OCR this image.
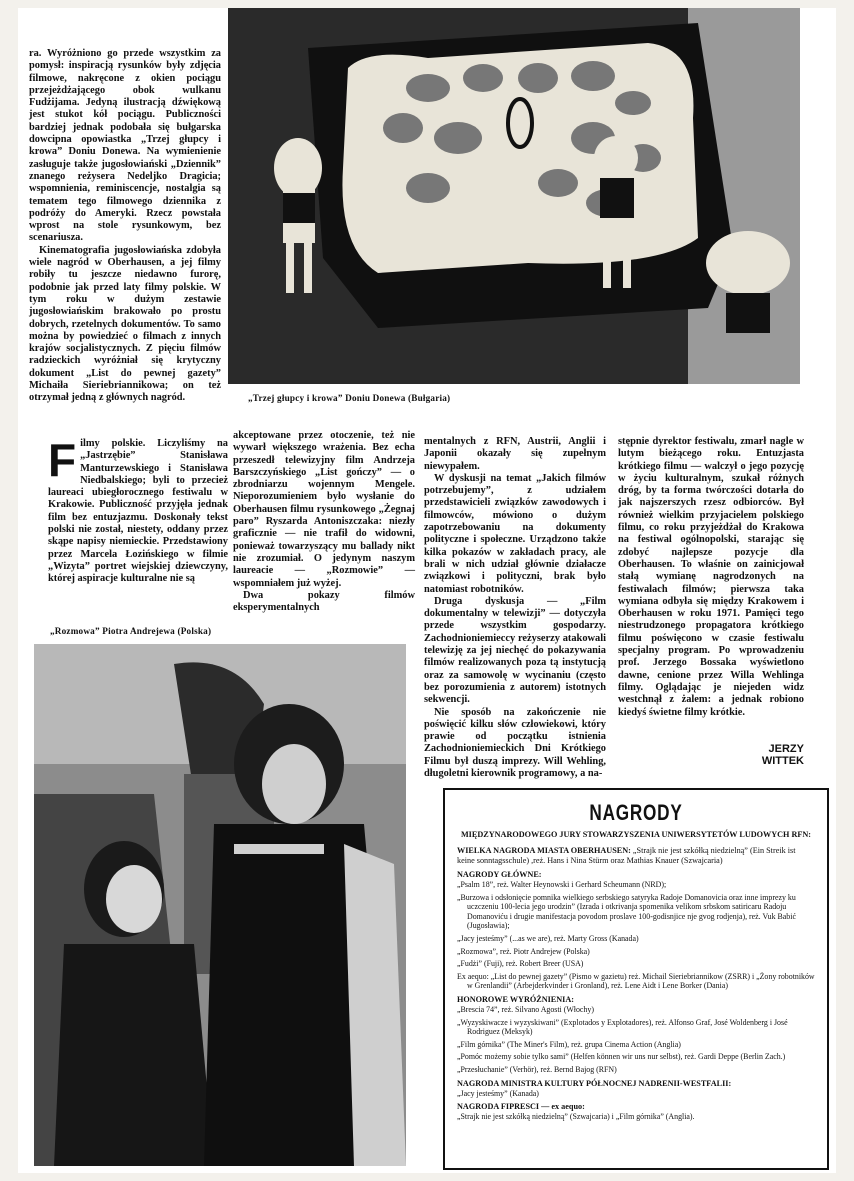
ra. Wyróżniono go przede wszystkim za pomysł: inspiracją rysunków były zdjęcia filmowe, nakręcone z okien pociągu przejeżdżającego obok wulkanu Fudżijama. Jedyną ilustracją dźwiękową jest stukot kół pociągu. Publiczności bardziej jednak podobała się bułgarska dowcipna opowiastka „Trzej głupcy i krowa” Doniu Donewa. Na wymienienie zasługuje także jugosłowiański „Dziennik” znanego reżysera Nedeljko Dragicia; wspomnienia, reminiscencje, nostalgia są tematem tego filmowego dziennika z podróży do Ameryki. Rzecz powstała wprost na stole rysunkowym, bez scenariusza.

Kinematografia jugosłowiańska zdobyła wiele nagród w Oberhausen, a jej filmy robiły tu jeszcze niedawno furorę, podobnie jak przed laty filmy polskie. W tym roku w dużym zestawie jugosłowiańskim brakowało po prostu dobrych, rzetelnych dokumentów. To samo można by powiedzieć o filmach z innych krajów socjalistycznych. Z pięciu filmów radzieckich wyróżniał się krytyczny dokument „List do pewnej gazety” Michaiła Sieriebriannikowa; on też otrzymał jedną z głównych nagród.	„Trzej głupcy i krowa” Doniu Donewa (Bułgaria)

Filmy polskie. Liczyliśmy na „Jastrzębie” Stanisława Manturzewskiego i Stanisława Niedbalskiego; byli to przecież laureaci ubiegłorocznego festiwalu w Krakowie. Publiczność przyjęła jednak film bez entuzjazmu. Doskonały tekst polski nie został, niestety, oddany przez skąpe napisy niemieckie. Przedstawiony przez Marcela Łozińskiego w filmie „Wizyta” portret wiejskiej dziewczyny, której aspiracje kulturalne nie są

akceptowane przez otoczenie, też nie wywarł większego wrażenia. Bez echa przeszedł telewizyjny film Andrzeja Barszczyńskiego „List gończy” — o zbrodniarzu wojennym Mengele. Nieporozumieniem było wysłanie do Oberhausen filmu rysunkowego „Żegnaj paro” Ryszarda Antoniszczaka: niezły graficznie — nie trafił do widowni, ponieważ towarzyszący mu ballady nikt nie zrozumiał. O jedynym naszym laureacie — „Rozmowie” — wspomniałem już wyżej.

Dwa pokazy filmów eksperymentalnych

mentalnych z RFN, Austrii, Anglii i Japonii okazały się zupełnym niewypałem.

W dyskusji na temat „Jakich filmów potrzebujemy”, z udziałem przedstawicieli związków zawodowych i filmowców, mówiono o dużym zapotrzebowaniu na dokumenty polityczne i społeczne. Urządzono także kilka pokazów w zakładach pracy, ale brali w nich udział głównie działacze związkowi i polityczni, brak było natomiast robotników.

Druga dyskusja — „Film dokumentalny w telewizji” — dotyczyła przede wszystkim gospodarzy. Zachodnioniemieccy reżyserzy atakowali telewizję za jej niechęć do pokazywania filmów realizowanych poza tą instytucją oraz za samowolę w wycinaniu (często bez porozumienia z autorem) istotnych sekwencji.

Nie sposób na zakończenie nie poświęcić kilku słów człowiekowi, który prawie od początku istnienia Zachodnioniemieckich Dni Krótkiego Filmu był duszą imprezy. Will Wehling, długoletni kierownik programowy, a na-

stępnie dyrektor festiwalu, zmarł nagle w lutym bieżącego roku. Entuzjasta krótkiego filmu — walczył o jego pozycję w życiu kulturalnym, szukał różnych dróg, by ta forma twórczości dotarła do jak najszerszych rzesz odbiorców. Był również wielkim przyjacielem polskiego filmu, co roku przyjeżdżał do Krakowa na festiwal ogólnopolski, starając się zdobyć najlepsze pozycje dla Oberhausen. To właśnie on zainicjował stałą wymianę nagrodzonych na festiwalach filmów; pierwsza taka wymiana odbyła się między Krakowem i Oberhausen w roku 1971. Pamięci tego niestrudzonego propagatora krótkiego filmu poświęcono w czasie festiwalu specjalny program. Po wprowadzeniu prof. Jerzego Bossaka wyświetlono dawne, cenione przez Willa Wehlinga filmy. Oglądając je niejeden widz westchnął z żalem: a jednak robiono kiedyś świetne filmy krótkie.

JERZY
WITTEK
„Rozmowa” Piotra Andrejewa (Polska)
NAGRODY
MIĘDZYNARODOWEGO JURY STOWARZYSZENIA UNIWERSYTETÓW LUDOWYCH RFN:
WIELKA NAGRODA MIASTA OBERHAUSEN: „Strajk nie jest szkółką niedzielną” (Ein Streik ist keine sonntagsschule) ,reż. Hans i Nina Stürm oraz Mathias Knauer (Szwajcaria)
NAGRODY GŁÓWNE:
„Psalm 18”, reż. Walter Heynowski i Gerhard Scheumann (NRD);
„Burzowa i odsłonięcie pomnika wielkiego serbskiego satyryka Radoje Domanovicia oraz inne imprezy ku uczczeniu 100-lecia jego urodzin” (Izrada i otkrivanja spomenika velikom srbskom satiricaru Radoju Domanoviću i drugie manifestacja povodom proslave 100-godisnjice nje gvog rodjenja), reż. Vuk Babić (Jugosławia);
„Jacy jesteśmy” (...as we are), reż. Marty Gross (Kanada)
„Rozmowa”, reż. Piotr Andrejew (Polska)
„Fudżi” (Fuji), reż. Robert Breer (USA)
Ex aequo: „List do pewnej gazety” (Pismo w gazietu) reż. Michail Sieriebriannikow (ZSRR) i „Żony robotników w Grenlandii” (Arbejderkvinder i Gronland), reż. Lene Aidt i Lene Borker (Dania)
HONOROWE WYRÓŻNIENIA:
„Brescia 74”, reż. Silvano Agosti (Włochy)
„Wyzyskiwacze i wyzyskiwani” (Explotados y Explotadores), reż. Alfonso Graf, José Woldenberg i José Rodriguez (Meksyk)
„Film górnika” (The Miner's Film), reż. grupa Cinema Action (Anglia)
„Pomóc możemy sobie tylko sami” (Helfen können wir uns nur selbst), reż. Gardi Deppe (Berlin Zach.)
„Przesłuchanie” (Verhör), reż. Bernd Bajog (RFN)
NAGRODA MINISTRA KULTURY PÓŁNOCNEJ NADRENII-WESTFALII:
„Jacy jesteśmy” (Kanada)
NAGRODA FIPRESCI — ex aequo:
„Strajk nie jest szkółką niedzielną” (Szwajcaria) i „Film górnika” (Anglia).
